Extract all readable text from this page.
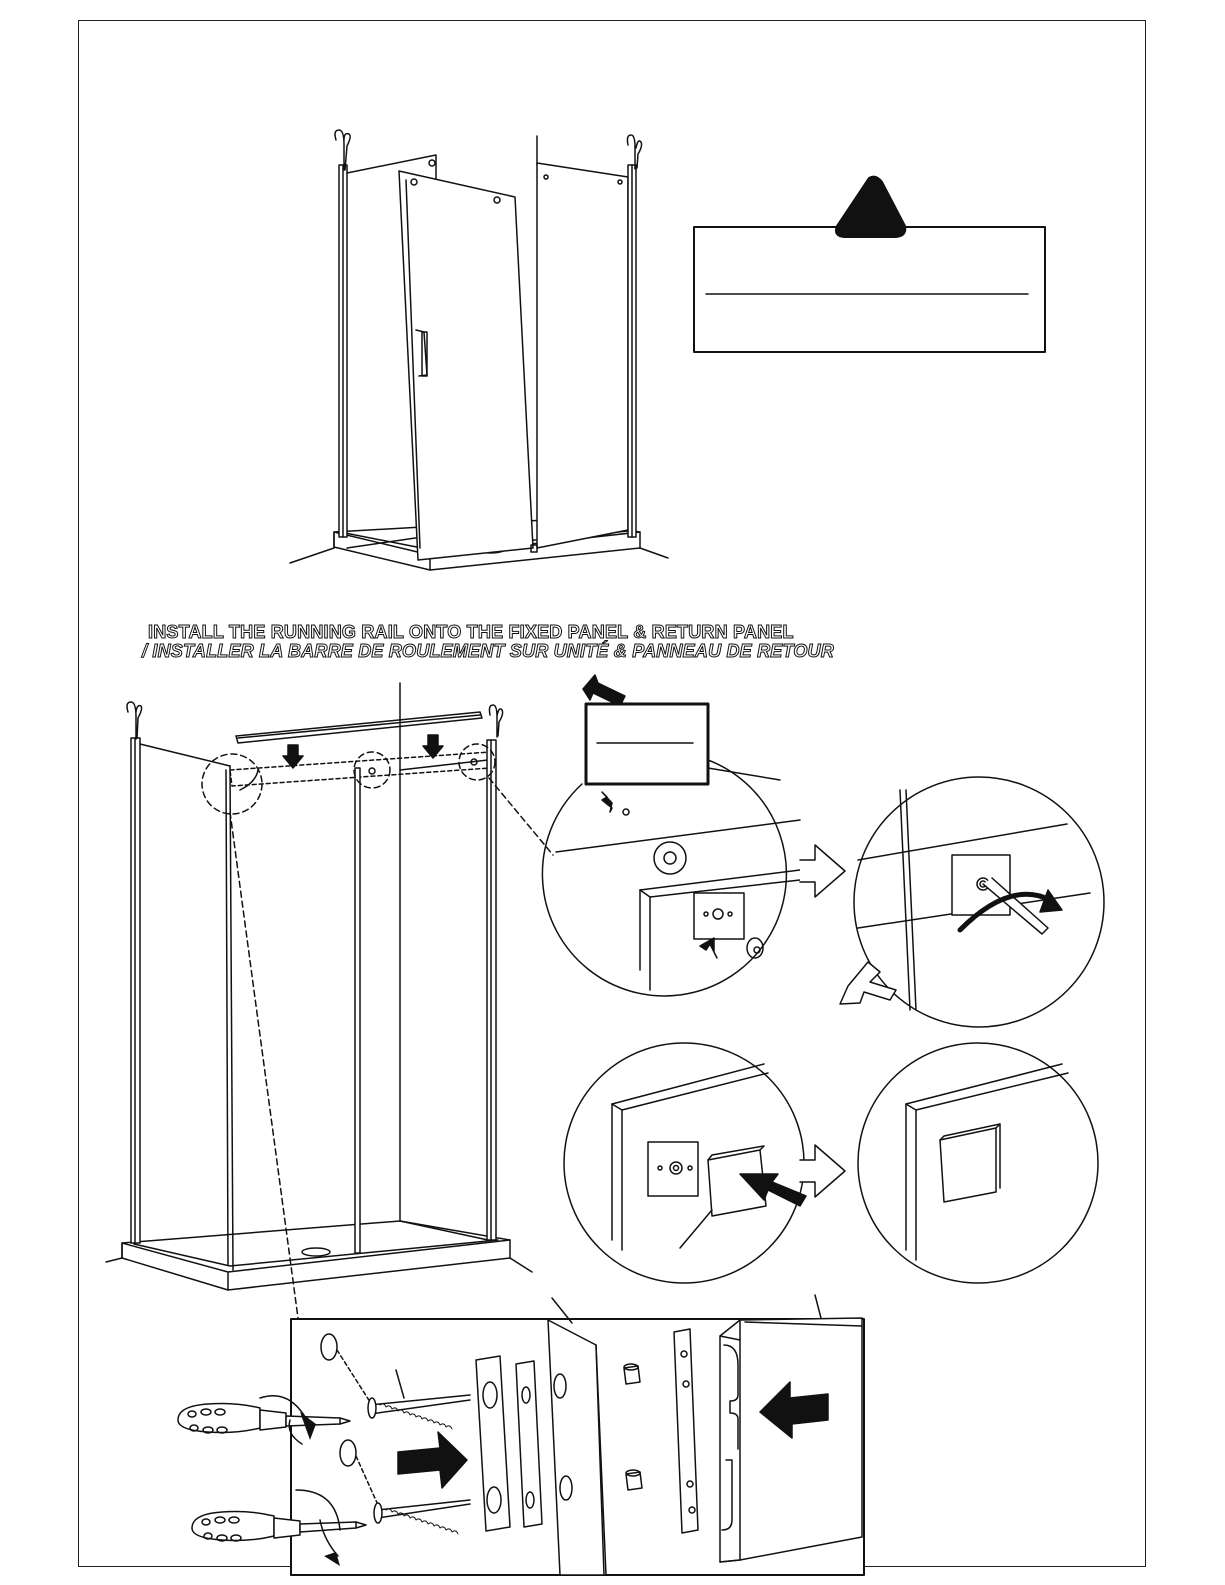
INSTALL THE RUNNING RAIL ONTO THE FIXED PANEL & RETURN PANEL

/ INSTALLER LA BARRE DE ROULEMENT SUR UNITÉ & PANNEAU DE RETOUR
